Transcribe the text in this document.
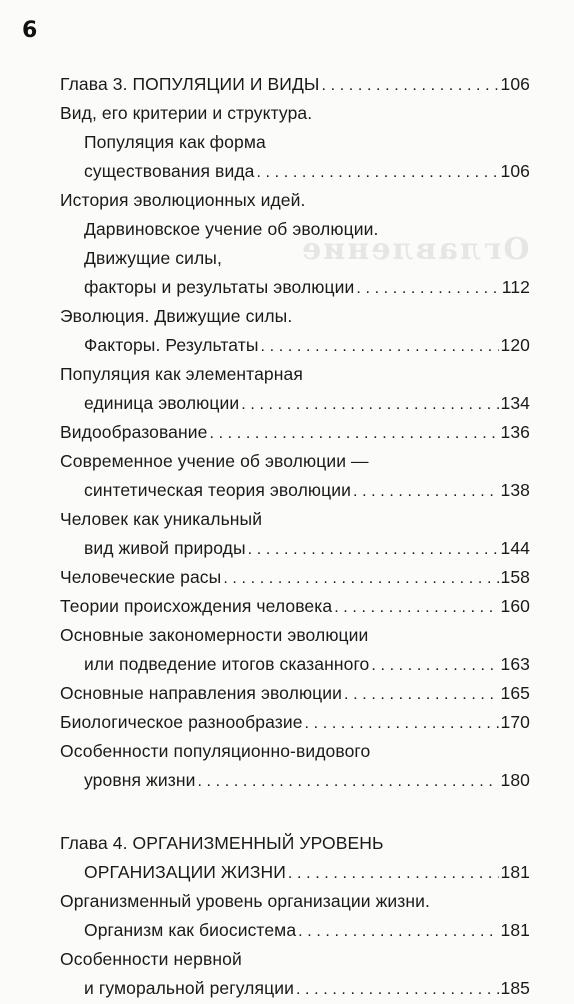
6
Оглавление
Глава 3. ПОПУЛЯЦИИ И ВИДЫ . . .	106
Вид, его критерии и структура.
Популяция как форма
существования вида . . .	106
История эволюционных идей.
Дарвиновское учение об эволюции.
Движущие силы,
факторы и результаты эволюции . . .	112
Эволюция. Движущие силы.
Факторы. Результаты . . .	120
Популяция как элементарная
единица эволюции . . .	134
Видообразование . . .	136
Современное учение об эволюции —
синтетическая теория эволюции . . .	138
Человек как уникальный
вид живой природы . . .	144
Человеческие расы . . .	158
Теории происхождения человека . . .	160
Основные закономерности эволюции
или подведение итогов сказанного . . .	163
Основные направления эволюции . . .	165
Биологическое разнообразие . . .	170
Особенности популяционно-видового
уровня жизни . . .	180
Глава 4. ОРГАНИЗМЕННЫЙ УРОВЕНЬ
ОРГАНИЗАЦИИ ЖИЗНИ . . .	181
Организменный уровень организации жизни.
Организм как биосистема . . .	181
Особенности нервной
и гуморальной регуляции . . .	185
